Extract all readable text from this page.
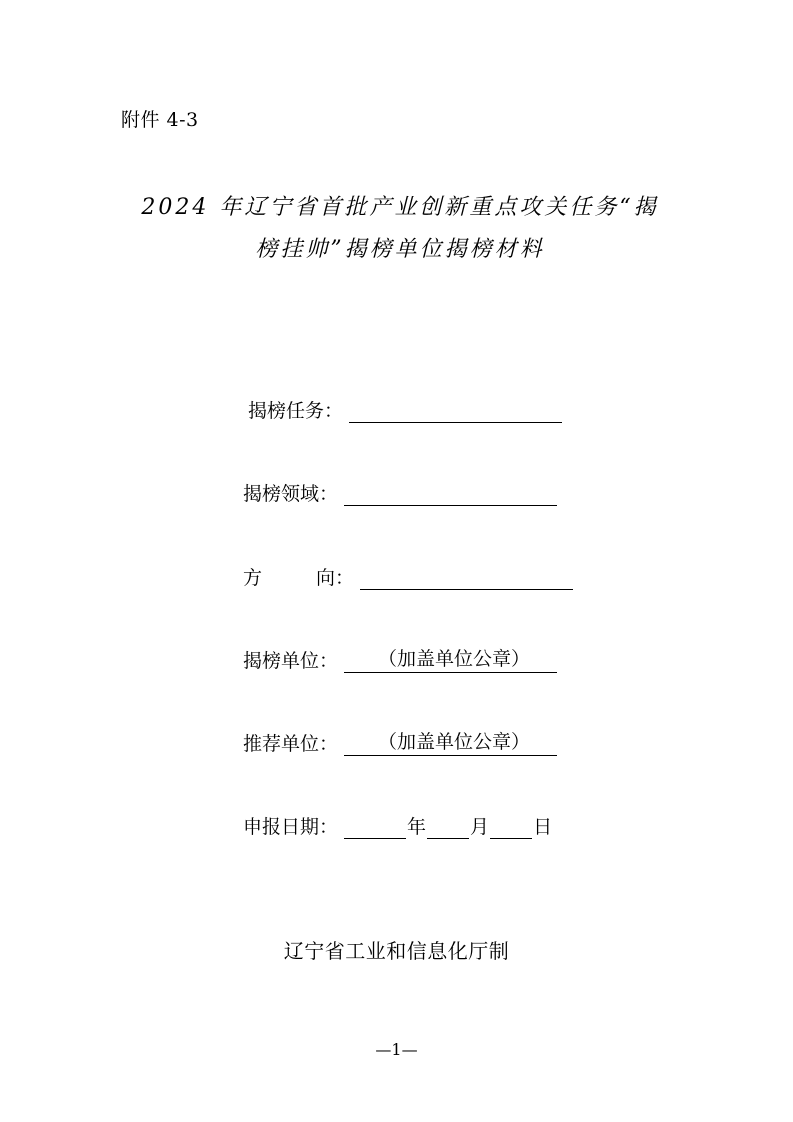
附件 4-3
2024 年辽宁省首批产业创新重点攻关任务“揭
榜挂帅”揭榜单位揭榜材料
揭榜任务 ：
揭榜领域 ：
方	向 ：
揭榜单位 ：	（加盖单位公章）
推荐单位 ：	（加盖单位公章）
申报日期 ：	年 月 日
辽宁省工业和信息化厅制
—1—
